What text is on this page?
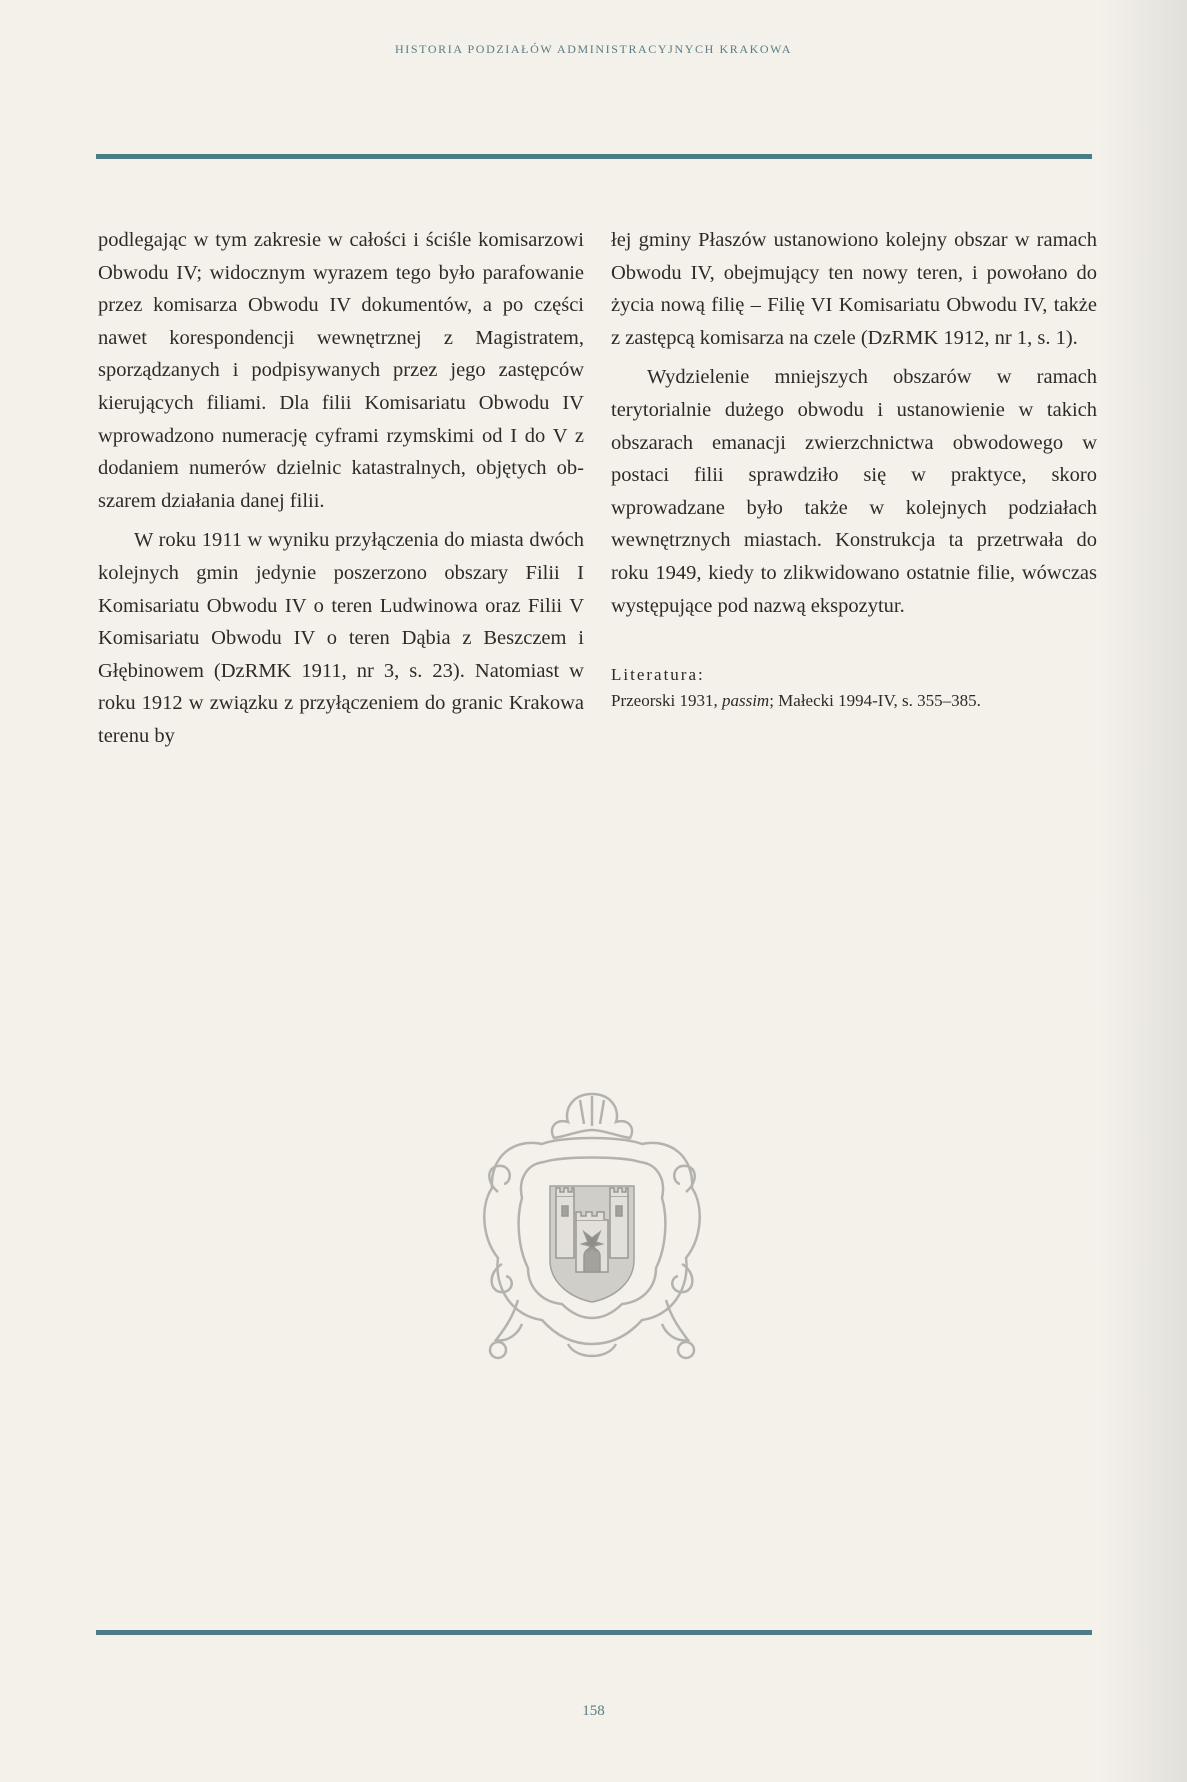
HISTORIA PODZIAŁÓW ADMINISTRACYJNYCH KRAKOWA

podlegając w tym zakresie w całości i ściśle komisarzowi Obwodu IV; widocznym wyrazem tego było parafowanie przez komisarza Obwodu IV dokumentów, a po części nawet korespondencji wewnętrznej z Magistratem, sporządzanych i podpisywanych przez jego zastępców kierujących filiami. Dla filii Komisariatu Obwodu IV wprowadzono numerację cyframi rzymskimi od I do V z dodaniem numerów dzielnic katastralnych, objętych obszarem działania danej filii.

W roku 1911 w wyniku przyłączenia do miasta dwóch kolejnych gmin jedynie poszerzono obszary Filii I Komisariatu Obwodu IV o teren Ludwinowa oraz Filii V Komisariatu Obwodu IV o teren Dąbia z Beszczem i Głębinowem (DzRMK 1911, nr 3, s. 23). Natomiast w roku 1912 w związku z przyłączeniem do granic Krakowa terenu by

łej gminy Płaszów ustanowiono kolejny obszar w ramach Obwodu IV, obejmujący ten nowy teren, i powołano do życia nową filię – Filię VI Komisariatu Obwodu IV, także z zastępcą komisarza na czele (DzRMK 1912, nr 1, s. 1).

Wydzielenie mniejszych obszarów w ramach terytorialnie dużego obwodu i ustanowienie w takich obszarach emanacji zwierzchnictwa obwodowego w postaci filii sprawdziło się w praktyce, skoro wprowadzane było także w kolejnych podziałach wewnętrznych miastach. Konstrukcja ta przetrwała do roku 1949, kiedy to zlikwidowano ostatnie filie, wówczas występujące pod nazwą ekspozytur.

Literatura:
Przeorski 1931, passim; Małecki 1994-IV, s. 355–385.
158
